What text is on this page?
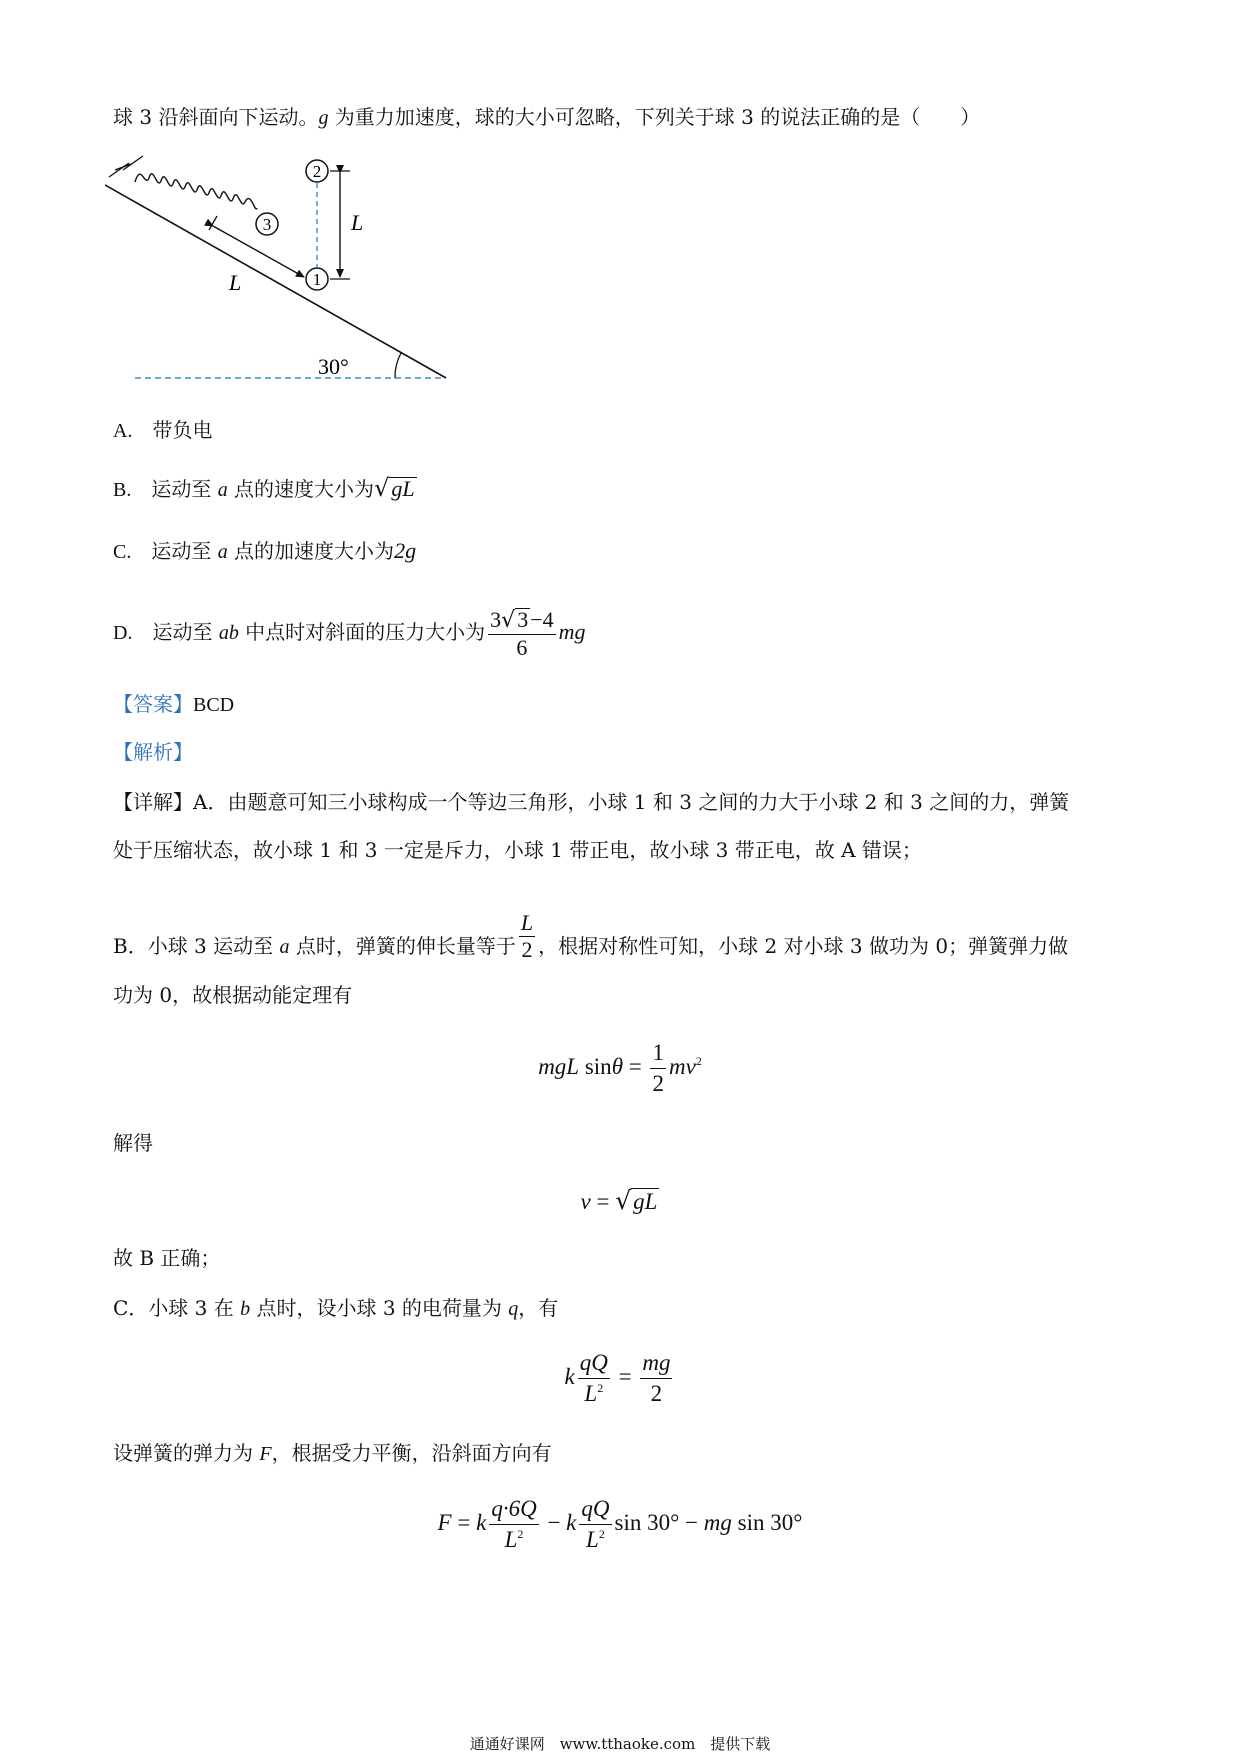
球 3 沿斜面向下运动。g 为重力加速度，球的大小可忽略，下列关于球 3 的说法正确的是（　　）
3
1
2
L
L
30°
A.　 带负电
B.　 运动至 a 点的速度大小为√gL
C.　 运动至 a 点的加速度大小为2g
D.　 运动至 ab 中点时对斜面的压力大小为 $\frac{3√3-4}{6}$ mg
【答案】BCD
【解析】
【详解】A．由题意可知三小球构成一个等边三角形，小球 1 和 3 之间的力大于小球 2 和 3 之间的力，弹簧
处于压缩状态，故小球 1 和 3 一定是斥力，小球 1 带正电，故小球 3 带正电，故 A 错误；
B．小球 3 运动至 a 点时，弹簧的伸长量等于 $\frac{L}{2}$ ，根据对称性可知，小球 2 对小球 3 做功为 0；弹簧弹力做
功为 0，故根据动能定理有
mgL $\sin\theta = \frac{1}{2} mv^2$
解得
v = √gL
故 B 正确；
C．小球 3 在 b 点时，设小球 3 的电荷量为 q，有
k $\frac{qQ}{L^2} = \frac{mg}{2}$
设弹簧的弹力为 F，根据受力平衡，沿斜面方向有
F = k $\frac{q\cdot 6Q}{L^2} - k \frac{qQ}{L^2}$ sin 30° − mg sin 30°
通通好课网　www.tthaoke.com　提供下载
